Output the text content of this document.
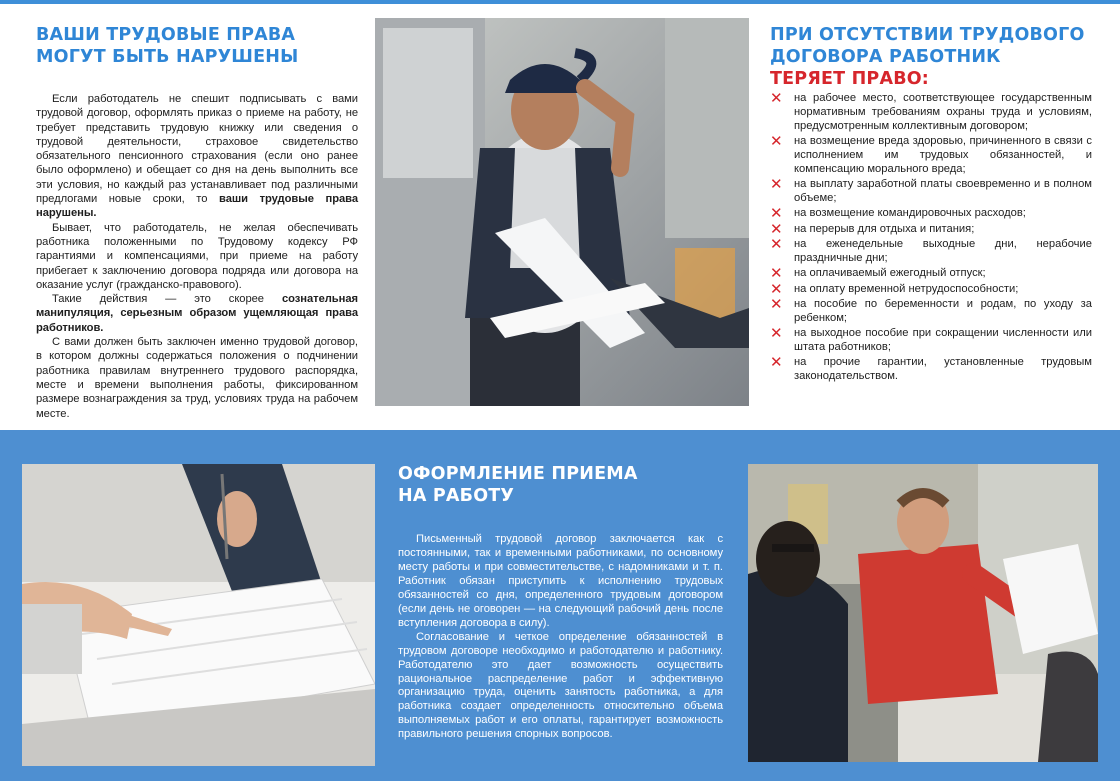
ВАШИ ТРУДОВЫЕ ПРАВА
МОГУТ БЫТЬ НАРУШЕНЫ

Если работодатель не спешит подписывать с вами трудовой договор, оформлять приказ о приеме на работу, не требует представить трудовую книжку или сведения о трудовой деятельности, страховое свидетельство обязательного пенсионного страхования (если оно ранее было оформлено) и обещает со дня на день выполнить все эти условия, но каждый раз устанавливает под различными предлогами новые сроки, то ваши трудовые права нарушены.

Бывает, что работодатель, не желая обеспечивать работника положенными по Трудовому кодексу РФ гарантиями и компенсациями, при приеме на работу прибегает к заключению договора подряда или договора на оказание услуг (гражданско-правового).

Такие действия — это скорее сознательная манипуляция, серьезным образом ущемляющая права работников.

С вами должен быть заключен именно трудовой договор, в котором должны содержаться положения о подчинении работника правилам внутреннего трудового распорядка, месте и времени выполнения работы, фиксированном размере вознаграждения за труд, условиях труда на рабочем месте.

ПРИ ОТСУТСТВИИ ТРУДОВОГО
ДОГОВОРА РАБОТНИК
ТЕРЯЕТ ПРАВО:
✕ на рабочее место, соответствующее государственным нормативным требованиям охраны труда и условиям, предусмотренным коллективным договором;
✕ на возмещение вреда здоровью, причиненного в связи с исполнением им трудовых обязанностей, и компенсацию морального вреда;
✕ на выплату заработной платы своевременно и в полном объеме;
✕ на возмещение командировочных расходов;
✕ на перерыв для отдыха и питания;
✕ на еженедельные выходные дни, нерабочие праздничные дни;
✕ на оплачиваемый ежегодный отпуск;
✕ на оплату временной нетрудоспособности;
✕ на пособие по беременности и родам, по уходу за ребенком;
✕ на выходное пособие при сокращении численности или штата работников;
✕ на прочие гарантии, установленные трудовым законодательством.
ОФОРМЛЕНИЕ ПРИЕМА
НА РАБОТУ

Письменный трудовой договор заключается как с постоянными, так и временными работниками, по основному месту работы и при совместительстве, с надомниками и т. п. Работник обязан приступить к исполнению трудовых обязанностей со дня, определенного трудовым договором (если день не оговорен — на следующий рабочий день после вступления договора в силу).

Согласование и четкое определение обязанностей в трудовом договоре необходимо и работодателю и работнику. Работодателю это дает возможность осуществить рациональное распределение работ и эффективную организацию труда, оценить занятость работника, а для работника создает определенность относительно объема выполняемых работ и его оплаты, гарантирует возможность правильного решения спорных вопросов.
